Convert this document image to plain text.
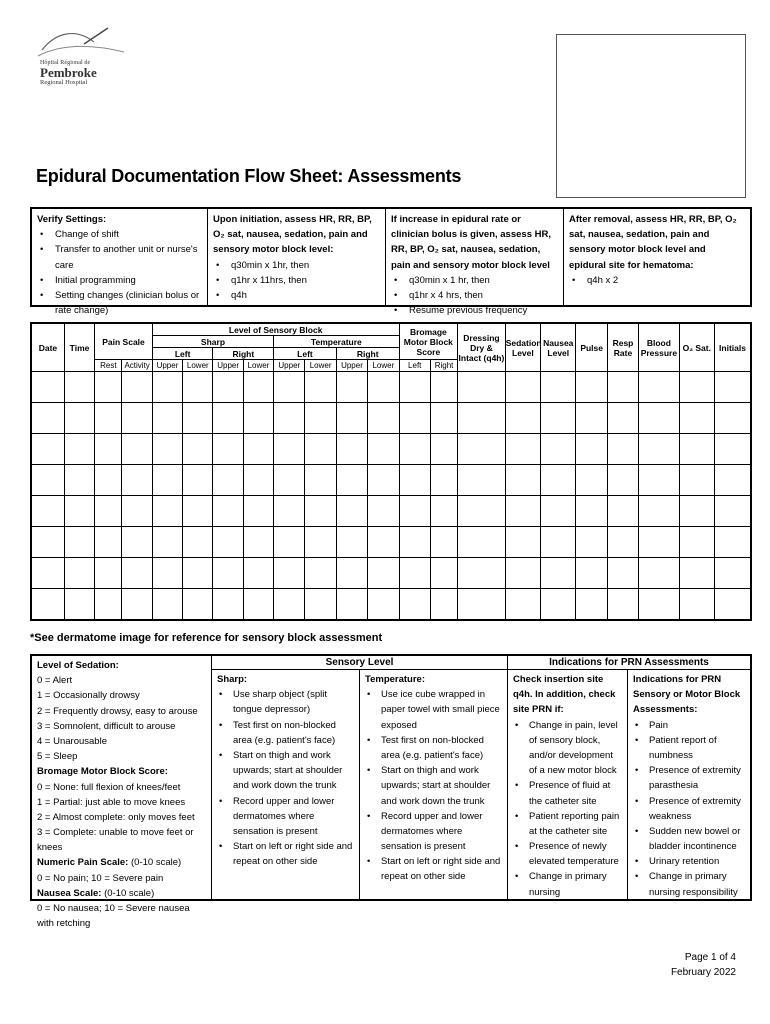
Hôpital Régional de
Pembroke
Regional Hospital
Epidural Documentation Flow Sheet: Assessments
Verify Settings:
• Change of shift
• Transfer to another unit or nurse's care
• Initial programming
• Setting changes (clinician bolus or rate change)
Upon initiation, assess HR, RR, BP, O₂ sat, nausea, sedation, pain and sensory motor block level:
• q30min x 1hr, then
• q1hr x 11hrs, then
• q4h
If increase in epidural rate or clinician bolus is given, assess HR, RR, BP, O₂ sat, nausea, sedation, pain and sensory motor block level
• q30min x 1 hr, then
• q1hr x 4 hrs, then
• Resume previous frequency
After removal, assess HR, RR, BP, O₂ sat, nausea, sedation, pain and sensory motor block level and epidural site for hematoma:
• q4h x 2
Date	Time	Pain Scale		Level of Sensory Block								Bromage Motor Block Score		Dressing Dry & Intact (q4h)	Sedation Level	Nausea Level	Pulse	Resp Rate	Blood Pressure	O₂ Sat.	Initials
				Sharp				Temperature													
				Left		Right		Left		Right											
		Rest	Activity	Upper	Lower	Upper	Lower	Upper	Lower	Upper	Lower	Left	Right								

*See dermatome image for reference for sensory block assessment
Level of Sedation:
0 = Alert
1 = Occasionally drowsy
2 = Frequently drowsy, easy to arouse
3 = Somnolent, difficult to arouse
4 = Unarousable
5 = Sleep
Bromage Motor Block Score:
0 = None: full flexion of knees/feet
1 = Partial: just able to move knees
2 = Almost complete: only moves feet
3 = Complete: unable to move feet or knees
Numeric Pain Scale: (0-10 scale)
0 = No pain; 10 = Severe pain
Nausea Scale: (0-10 scale)
0 = No nausea; 10 = Severe nausea with retching
Sensory Level
Sharp:
• Use sharp object (split tongue depressor)
• Test first on non-blocked area (e.g. patient's face)
• Start on thigh and work upwards; start at shoulder and work down the trunk
• Record upper and lower dermatomes where sensation is present
• Start on left or right side and repeat on other side
Temperature:
• Use ice cube wrapped in paper towel with small piece exposed
• Test first on non-blocked area (e.g. patient's face)
• Start on thigh and work upwards; start at shoulder and work down the trunk
• Record upper and lower dermatomes where sensation is present
• Start on left or right side and repeat on other side
Indications for PRN Assessments
Check insertion site q4h. In addition, check site PRN if:
• Change in pain, level of sensory block, and/or development of a new motor block
• Presence of fluid at the catheter site
• Patient reporting pain at the catheter site
• Presence of newly elevated temperature
• Change in primary nursing
Indications for PRN Sensory or Motor Block Assessments:
• Pain
• Patient report of numbness
• Presence of extremity parasthesia
• Presence of extremity weakness
• Sudden new bowel or bladder incontinence
• Urinary retention
• Change in primary nursing responsibility
Page 1 of 4
February 2022
